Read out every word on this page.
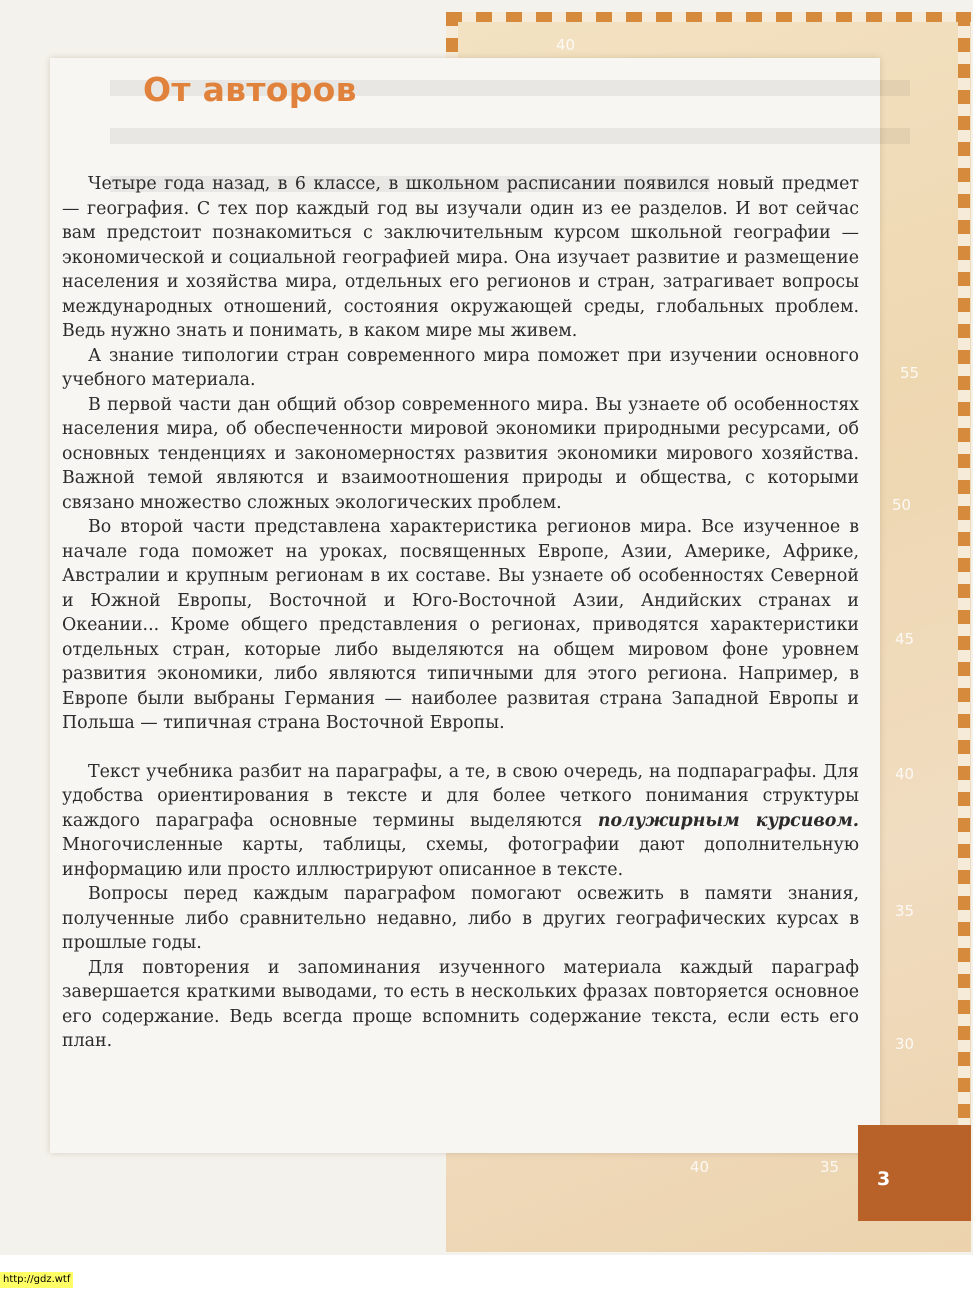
40
55
50
45
40
35
30
40	35
От авторов

Четыре года назад, в 6 классе, в школьном расписании появился новый предмет — география. С тех пор каждый год вы изучали один из ее разделов. И вот сейчас вам предстоит познакомиться с заключительным курсом школьной географии — экономической и социальной географией мира. Она изучает развитие и размещение населения и хозяйства мира, отдельных его регионов и стран, затрагивает вопросы международных отношений, состояния окружающей среды, глобальных проблем. Ведь нужно знать и понимать, в каком мире мы живем.

А знание типологии стран современного мира поможет при изучении основного учебного материала.

В первой части дан общий обзор современного мира. Вы узнаете об особенностях населения мира, об обеспеченности мировой экономики природными ресурсами, об основных тенденциях и закономерностях развития экономики мирового хозяйства. Важной темой являются и взаимоотношения природы и общества, с которыми связано множество сложных экологических проблем.

Во второй части представлена характеристика регионов мира. Все изученное в начале года поможет на уроках, посвященных Европе, Азии, Америке, Африке, Австралии и крупным регионам в их составе. Вы узнаете об особенностях Северной и Южной Европы, Восточной и Юго-Восточной Азии, Андийских странах и Океании... Кроме общего представления о регионах, приводятся характеристики отдельных стран, которые либо выделяются на общем мировом фоне уровнем развития экономики, либо являются типичными для этого региона. Например, в Европе были выбраны Германия — наиболее развитая страна Западной Европы и Польша — типичная страна Восточной Европы.

Текст учебника разбит на параграфы, а те, в свою очередь, на подпараграфы. Для удобства ориентирования в тексте и для более четкого понимания структуры каждого параграфа основные термины выделяются полужирным курсивом. Многочисленные карты, таблицы, схемы, фотографии дают дополнительную информацию или просто иллюстрируют описанное в тексте.

Вопросы перед каждым параграфом помогают освежить в памяти знания, полученные либо сравнительно недавно, либо в других географических курсах в прошлые годы.

Для повторения и запоминания изученного материала каждый параграф завершается краткими выводами, то есть в нескольких фразах повторяется основное его содержание. Ведь всегда проще вспомнить содержание текста, если есть его план.

3

http://gdz.wtf
